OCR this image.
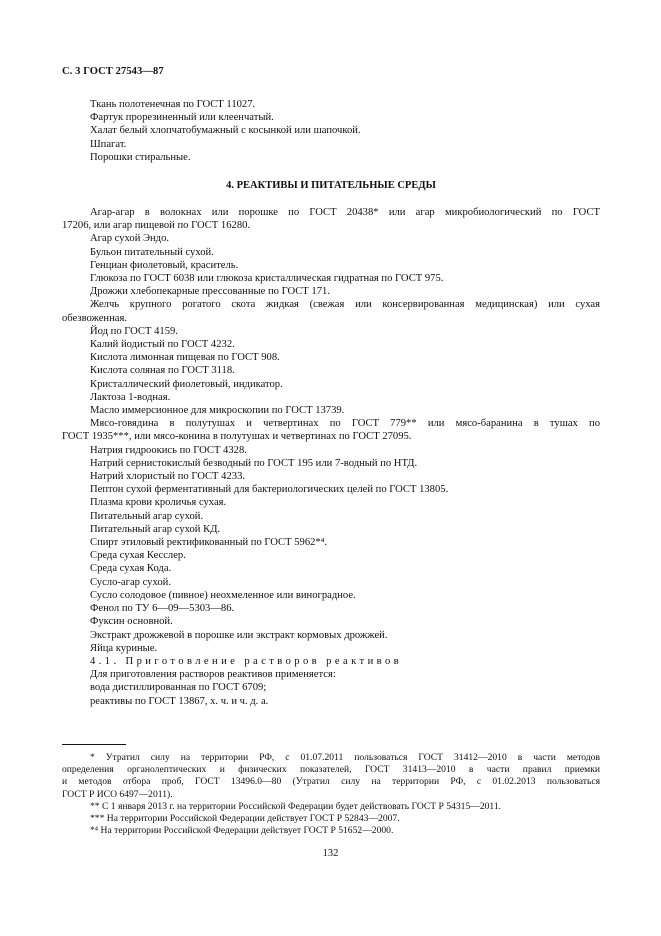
С. 3 ГОСТ 27543—87
Ткань полотенечная по ГОСТ 11027.
Фартук прорезиненный или клеенчатый.
Халат белый хлопчатобумажный с косынкой или шапочкой.
Шпагат.
Порошки стиральные.
4. РЕАКТИВЫ И ПИТАТЕЛЬНЫЕ СРЕДЫ
Агар-агар в волокнах или порошке по ГОСТ 20438* или агар микробиологический по ГОСТ
17206, или агар пищевой по ГОСТ 16280.
Агар сухой Эндо.
Бульон питательный сухой.
Генциан фиолетовый, краситель.
Глюкоза по ГОСТ 6038 или глюкоза кристаллическая гидратная по ГОСТ 975.
Дрожжи хлебопекарные прессованные по ГОСТ 171.
Желчь крупного рогатого скота жидкая (свежая или консервированная медицинская) или сухая
обезвоженная.
Йод по ГОСТ 4159.
Калий йодистый по ГОСТ 4232.
Кислота лимонная пищевая по ГОСТ 908.
Кислота соляная по ГОСТ 3118.
Кристаллический фиолетовый, индикатор.
Лактоза 1-водная.
Масло иммерсионное для микроскопии по ГОСТ 13739.
Мясо-говядина в полутушах и четвертинах по ГОСТ 779** или мясо-баранина в тушах по
ГОСТ 1935***, или мясо-конина в полутушах и четвертинах по ГОСТ 27095.
Натрия гидроокись по ГОСТ 4328.
Натрий сернистокислый безводный по ГОСТ 195 или 7-водный по НТД.
Натрий хлористый по ГОСТ 4233.
Пептон сухой ферментативный для бактериологических целей по ГОСТ 13805.
Плазма крови кроличья сухая.
Питательный агар сухой.
Питательный агар сухой КД.
Спирт этиловый ректификованный по ГОСТ 5962*⁴.
Среда сухая Кесслер.
Среда сухая Кода.
Сусло-агар сухой.
Сусло солодовое (пивное) неохмеленное или виноградное.
Фенол по ТУ 6—09—5303—86.
Фуксин основной.
Экстракт дрожжевой в порошке или экстракт кормовых дрожжей.
Яйца куриные.
4.1. Приготовление растворов реактивов
Для приготовления растворов реактивов применяется:
вода дистиллированная по ГОСТ 6709;
реактивы по ГОСТ 13867, х. ч. и ч. д. а.
* Утратил силу на территории РФ, с 01.07.2011 пользоваться ГОСТ 31412—2010 в части методов
определения органолептических и физических показателей, ГОСТ 31413—2010 в части правил приемки
и методов отбора проб, ГОСТ 13496.0—80 (Утратил силу на территории РФ, с 01.02.2013 пользоваться
ГОСТ Р ИСО 6497—2011).
** С 1 января 2013 г. на территории Российской Федерации будет действовать ГОСТ Р 54315—2011.
*** На территории Российской Федерации действует ГОСТ Р 52843—2007.
*⁴ На территории Российской Федерации действует ГОСТ Р 51652—2000.
132
